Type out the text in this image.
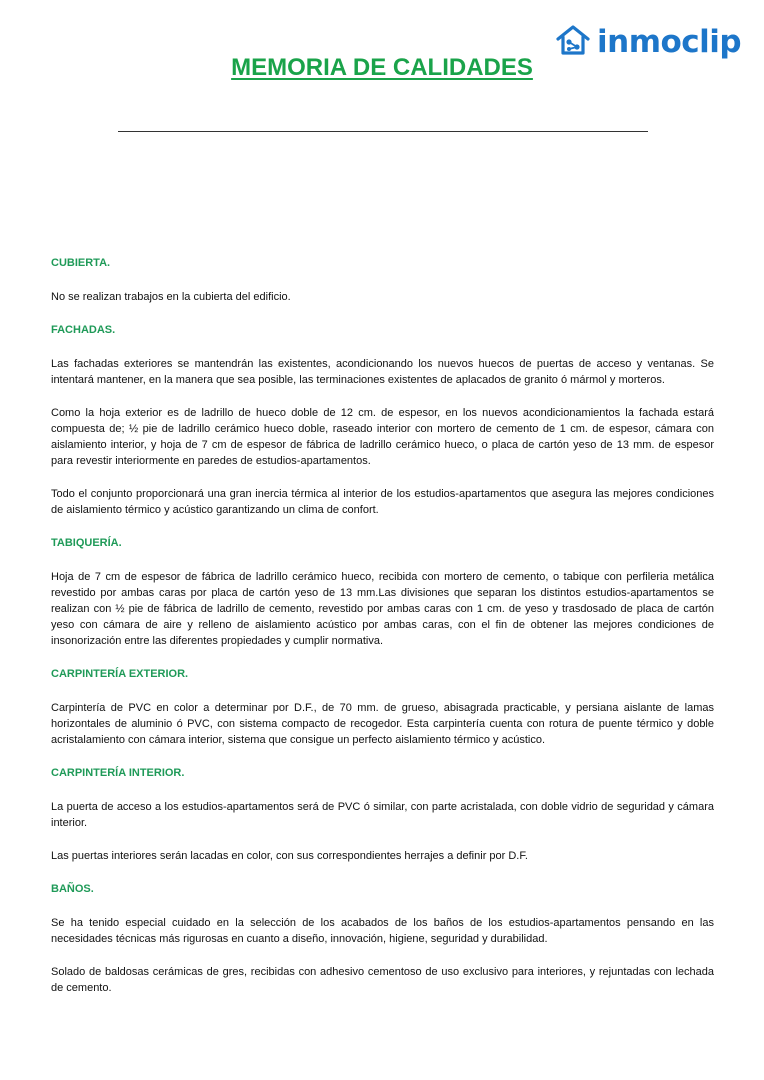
inmoclip
MEMORIA DE CALIDADES
CUBIERTA.

No se realizan trabajos en la cubierta del edificio.

FACHADAS.

Las fachadas exteriores se mantendrán las existentes, acondicionando los nuevos huecos de puertas de acceso y ventanas. Se intentará mantener, en la manera que sea posible, las terminaciones existentes de aplacados de granito ó mármol y morteros.

Como la hoja exterior es de ladrillo de hueco doble de 12 cm. de espesor, en los nuevos acondicionamientos la fachada estará compuesta de; ½ pie de ladrillo cerámico hueco doble, raseado interior con mortero de cemento de 1 cm. de espesor, cámara con aislamiento interior, y hoja de 7 cm de espesor de fábrica de ladrillo cerámico hueco, o placa de cartón yeso de 13 mm. de espesor para revestir interiormente en paredes de estudios-apartamentos.

Todo el conjunto proporcionará una gran inercia térmica al interior de los estudios-apartamentos que asegura las mejores condiciones de aislamiento térmico y acústico garantizando un clima de confort.

TABIQUERÍA.

Hoja de 7 cm de espesor de fábrica de ladrillo cerámico hueco, recibida con mortero de cemento, o tabique con perfileria metálica revestido por ambas caras por placa de cartón yeso de 13 mm.Las divisiones que separan los distintos estudios-apartamentos se realizan con ½ pie de fábrica de ladrillo de cemento, revestido por ambas caras con 1 cm. de yeso y trasdosado de placa de cartón yeso con cámara de aire y relleno de aislamiento acústico por ambas caras, con el fin de obtener las mejores condiciones de insonorización entre las diferentes propiedades y cumplir normativa.

CARPINTERÍA EXTERIOR.

Carpintería de PVC en color a determinar por D.F., de 70 mm. de grueso, abisagrada practicable, y persiana aislante de lamas horizontales de aluminio ó PVC, con sistema compacto de recogedor. Esta carpintería cuenta con rotura de puente térmico y doble acristalamiento con cámara interior, sistema que consigue un perfecto aislamiento térmico y acústico.

CARPINTERÍA INTERIOR.

La puerta de acceso a los estudios-apartamentos será de PVC ó similar, con parte acristalada, con doble vidrio de seguridad y cámara interior.

Las puertas interiores serán lacadas en color, con sus correspondientes herrajes a definir por D.F.

BAÑOS.

Se ha tenido especial cuidado en la selección de los acabados de los baños de los estudios-apartamentos pensando en las necesidades técnicas más rigurosas en cuanto a diseño, innovación, higiene, seguridad y durabilidad.

Solado de baldosas cerámicas de gres, recibidas con adhesivo cementoso de uso exclusivo para interiores, y rejuntadas con lechada de cemento.
